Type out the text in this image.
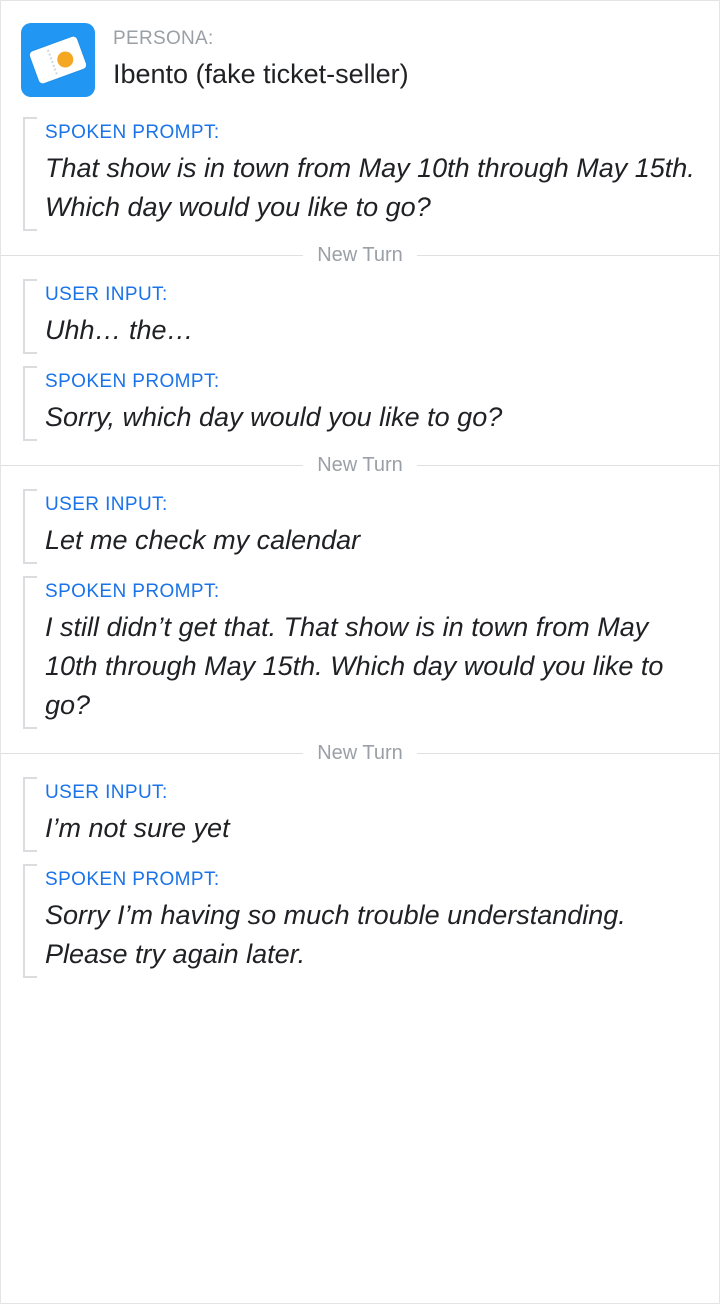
PERSONA:
Ibento (fake ticket-seller)
SPOKEN PROMPT:
That show is in town from May 10th through May 15th. Which day would you like to go?
New Turn
USER INPUT:
Uhh… the…
SPOKEN PROMPT:
Sorry, which day would you like to go?
New Turn
USER INPUT:
Let me check my calendar
SPOKEN PROMPT:
I still didn’t get that. That show is in town from May 10th through May 15th. Which day would you like to go?
New Turn
USER INPUT:
I’m not sure yet
SPOKEN PROMPT:
Sorry I’m having so much trouble understanding. Please try again later.
